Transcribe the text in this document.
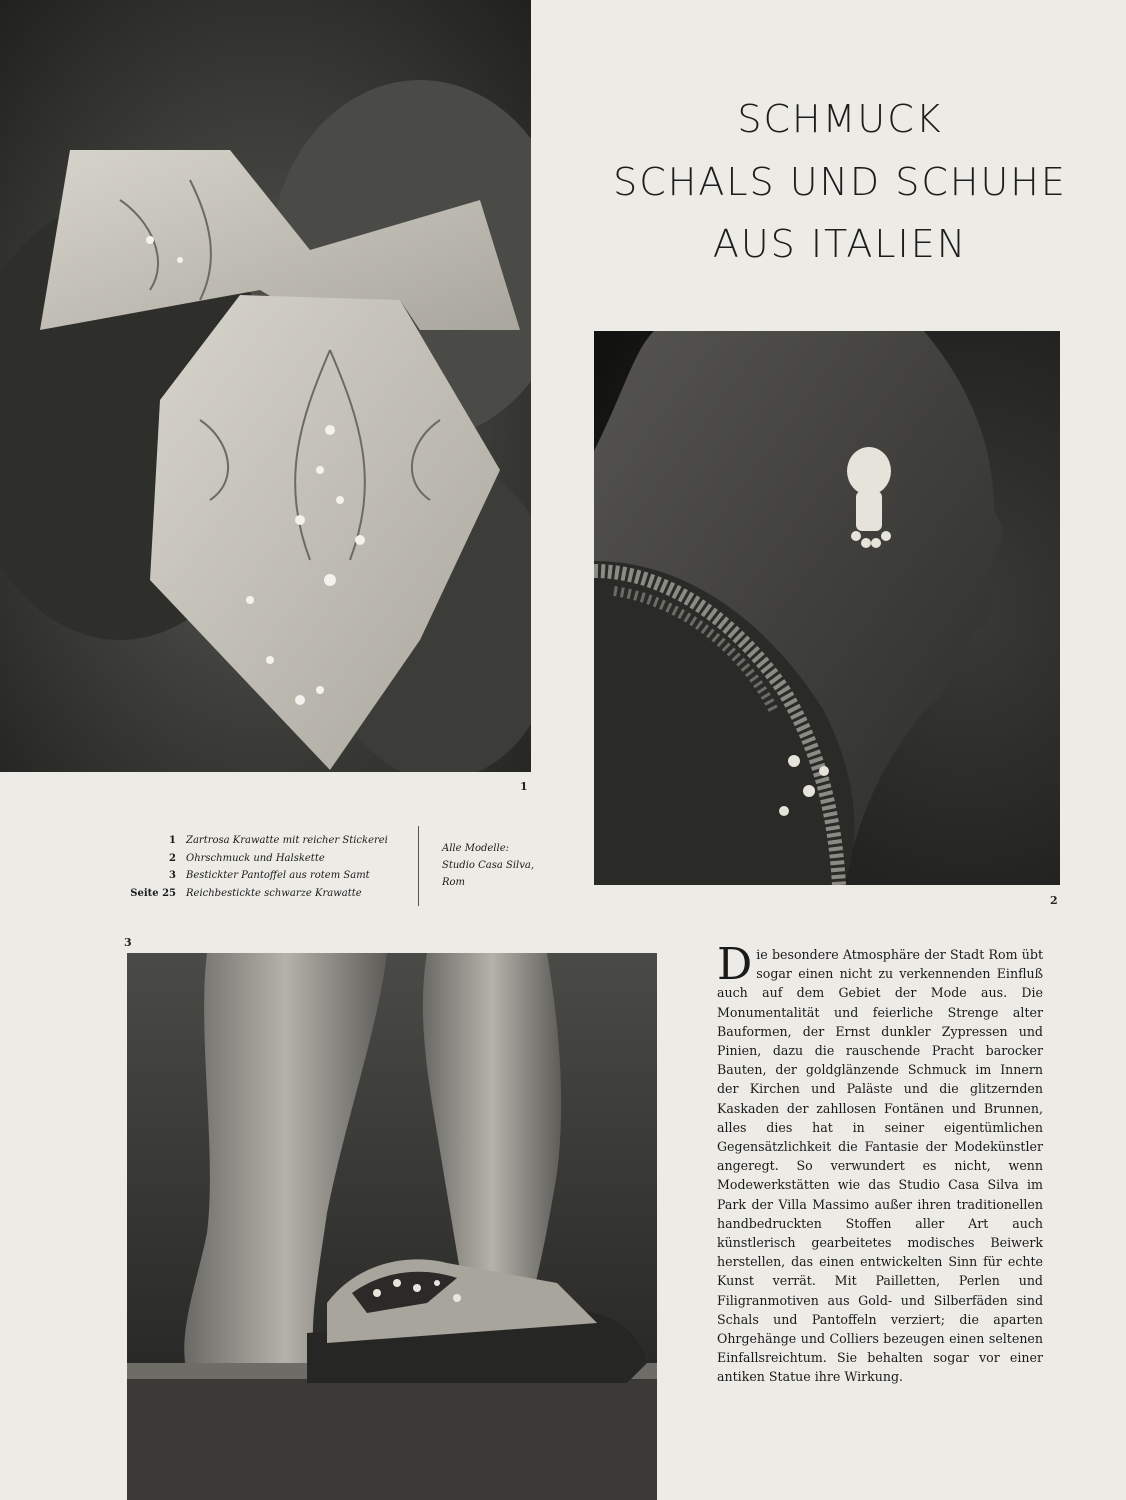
1
SCHMUCK
SCHALS UND SCHUHE
AUS ITALIEN
2
1 Zartrosa Krawatte mit reicher Stickerei
2 Ohrschmuck und Halskette
3 Bestickter Pantoffel aus rotem Samt
Seite 25 Reichbestickte schwarze Krawatte
Alle Modelle:
Studio Casa Silva,
Rom
3	Die besondere Atmosphäre der Stadt Rom übt sogar einen nicht zu verkennenden Einfluß auch auf dem Gebiet der Mode aus. Die Monumentalität und feierliche Strenge alter Bauformen, der Ernst dunkler Zypressen und Pinien, dazu die rauschende Pracht barocker Bauten, der goldglänzende Schmuck im Innern der Kirchen und Paläste und die glitzernden Kaskaden der zahllosen Fontänen und Brunnen, alles dies hat in seiner eigentümlichen Gegensätzlichkeit die Fantasie der Modekünstler angeregt. So verwundert es nicht, wenn Modewerkstätten wie das Studio Casa Silva im Park der Villa Massimo außer ihren traditionellen handbedruckten Stoffen aller Art auch künstlerisch gearbeitetes modisches Beiwerk herstellen, das einen entwickelten Sinn für echte Kunst verrät. Mit Pailletten, Perlen und Filigranmotiven aus Gold- und Silberfäden sind Schals und Pantoffeln verziert; die aparten Ohrgehänge und Colliers bezeugen einen seltenen Einfallsreichtum. Sie behalten sogar vor einer antiken Statue ihre Wirkung.
